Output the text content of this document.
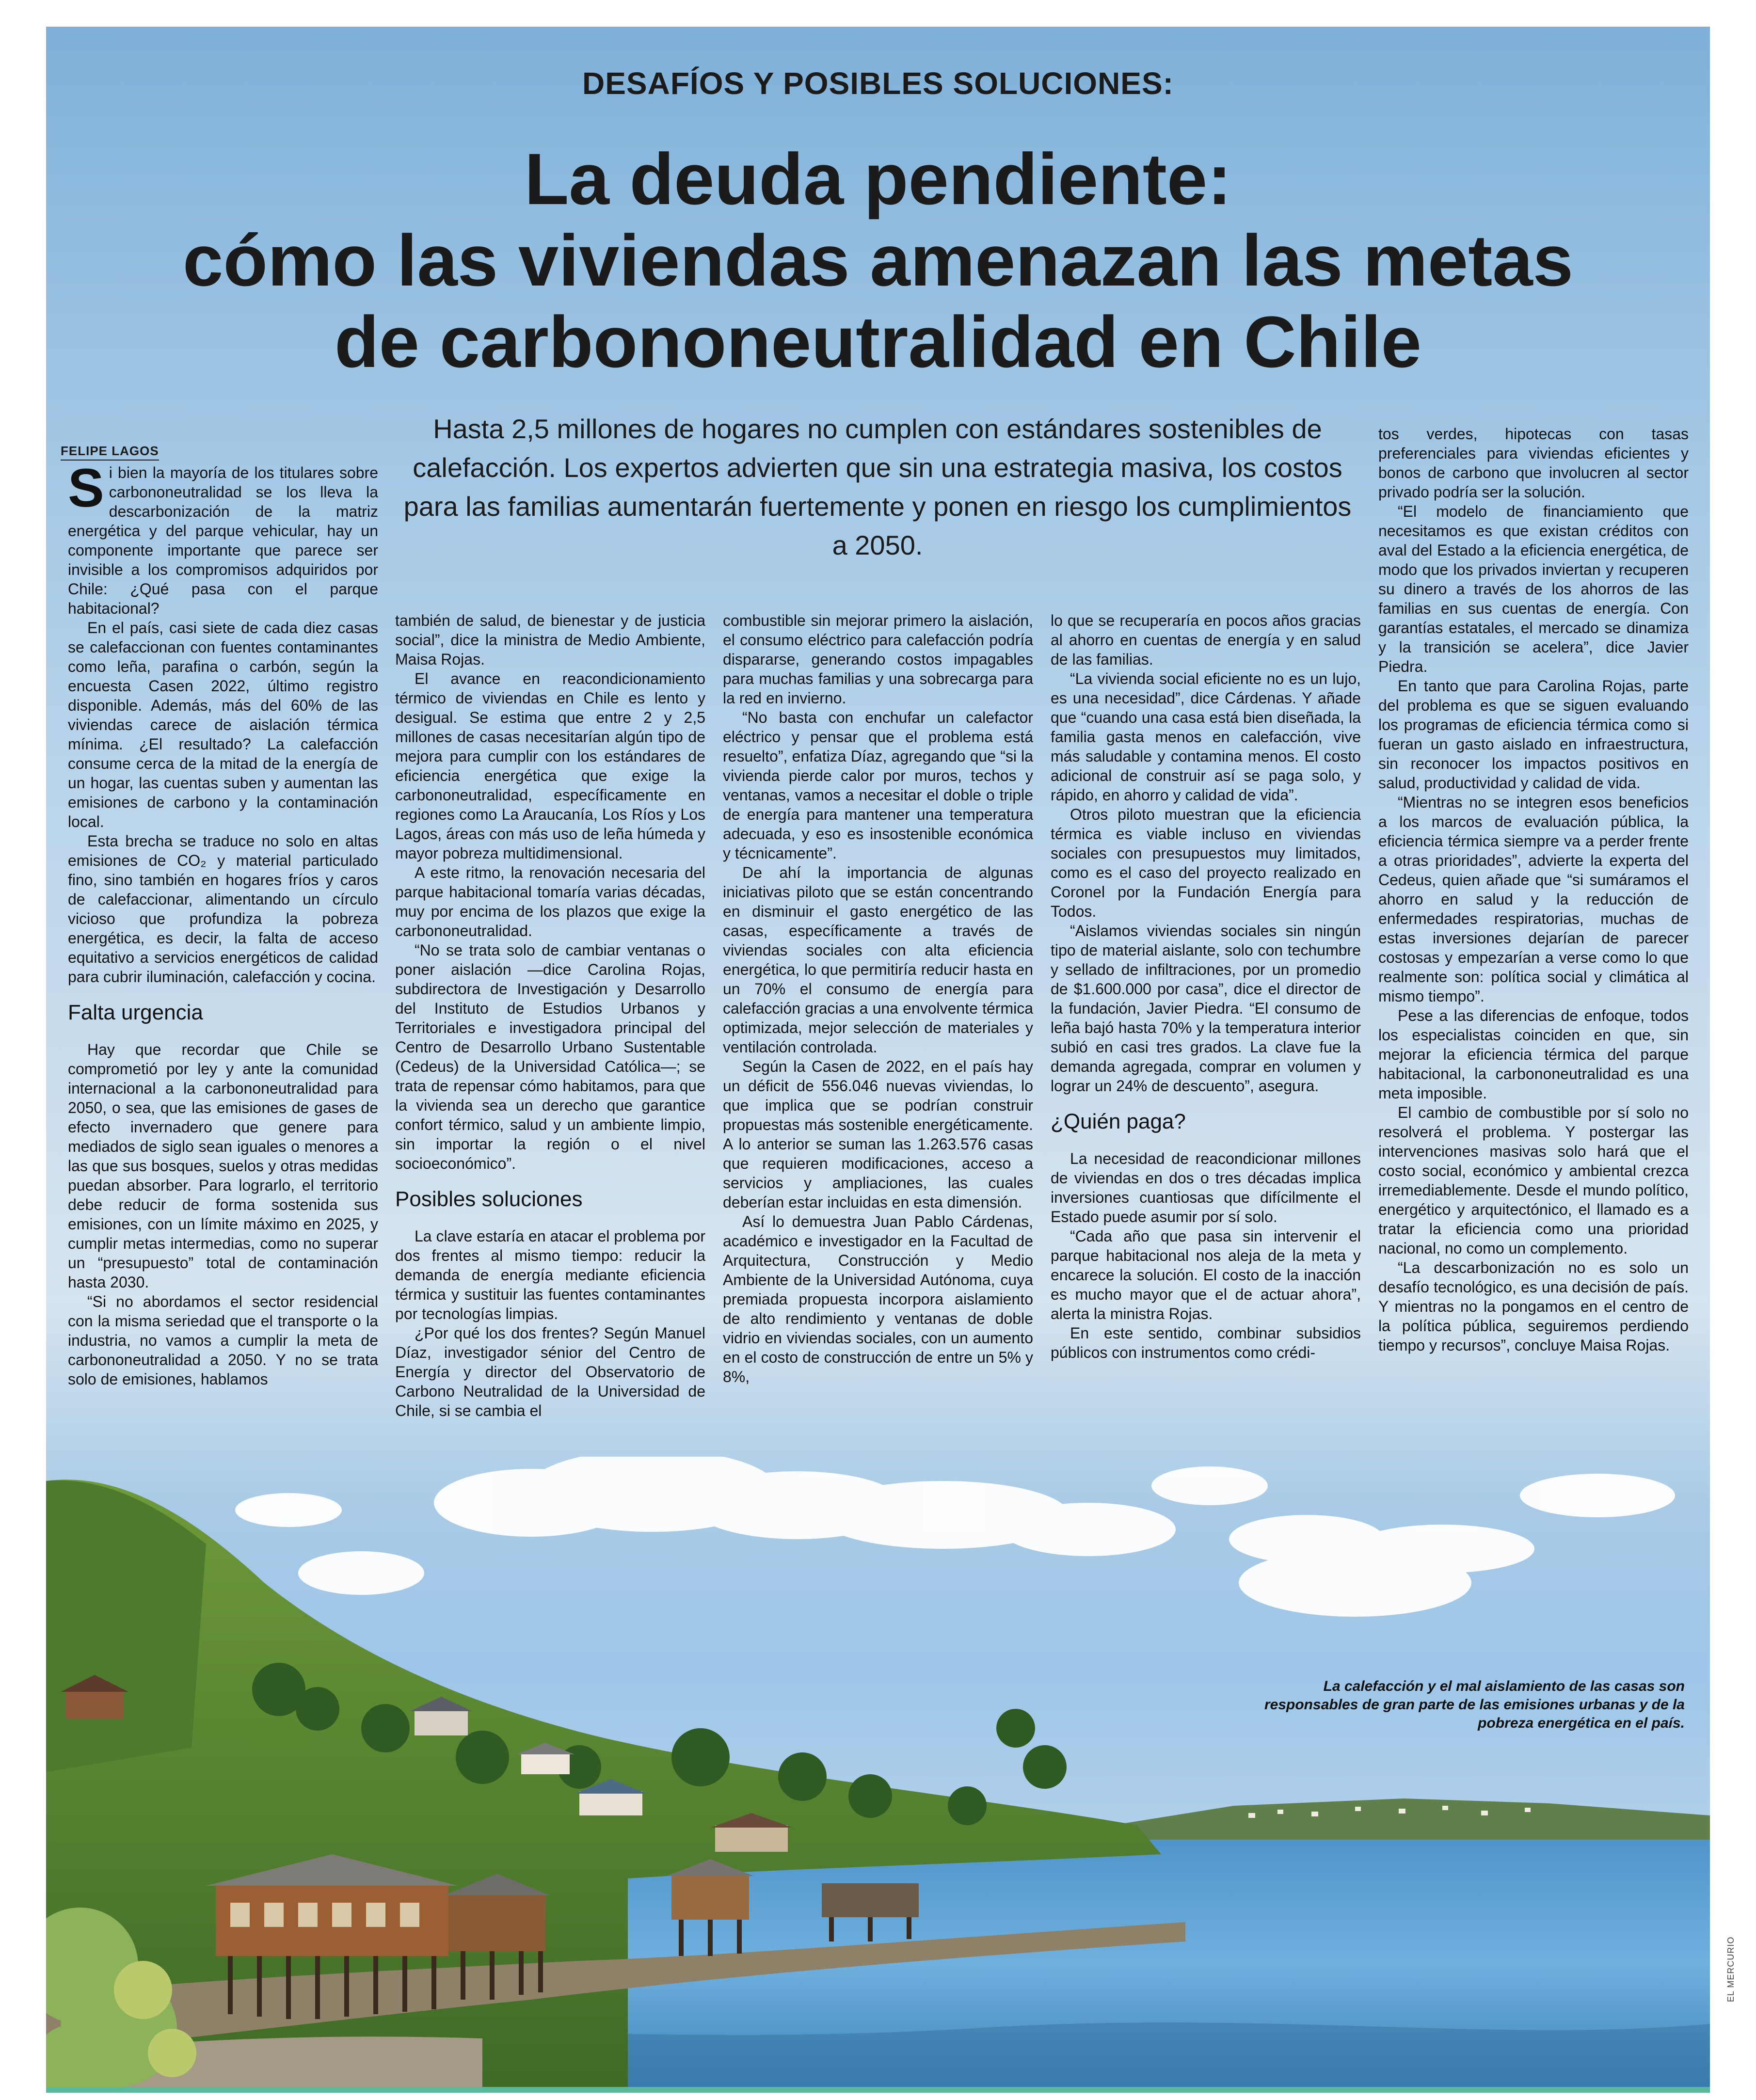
DESAFÍOS Y POSIBLES SOLUCIONES:
La deuda pendiente:
cómo las viviendas amenazan las metas
de carbononeutralidad en Chile
Hasta 2,5 millones de hogares no cumplen con estándares sostenibles de calefacción. Los expertos advierten que sin una estrategia masiva, los costos para las familias aumentarán fuertemente y ponen en riesgo los cumplimientos a 2050.
FELIPE LAGOS
S i bien la mayoría de los titulares sobre carbononeutralidad se los lleva la descarbonización de la matriz energética y del parque vehicular, hay un componente importante que parece ser invisible a los compromisos adquiridos por Chile: ¿Qué pasa con el parque habitacional?

En el país, casi siete de cada diez casas se calefaccionan con fuentes contaminantes como leña, parafina o carbón, según la encuesta Casen 2022, último registro disponible. Además, más del 60% de las viviendas carece de aislación térmica mínima. ¿El resultado? La calefacción consume cerca de la mitad de la energía de un hogar, las cuentas suben y aumentan las emisiones de carbono y la contaminación local.

Esta brecha se traduce no solo en altas emisiones de CO₂ y material particulado fino, sino también en hogares fríos y caros de calefaccionar, alimentando un círculo vicioso que profundiza la pobreza energética, es decir, la falta de acceso equitativo a servicios energéticos de calidad para cubrir iluminación, calefacción y cocina.

Falta urgencia

Hay que recordar que Chile se comprometió por ley y ante la comunidad internacional a la carbononeutralidad para 2050, o sea, que las emisiones de gases de efecto invernadero que genere para mediados de siglo sean iguales o menores a las que sus bosques, suelos y otras medidas puedan absorber. Para lograrlo, el territorio debe reducir de forma sostenida sus emisiones, con un límite máximo en 2025, y cumplir metas intermedias, como no superar un “presupuesto” total de contaminación hasta 2030.

“Si no abordamos el sector residencial con la misma seriedad que el transporte o la industria, no vamos a cumplir la meta de carbononeutralidad a 2050. Y no se trata solo de emisiones, hablamos

también de salud, de bienestar y de justicia social”, dice la ministra de Medio Ambiente, Maisa Rojas.

El avance en reacondicionamiento térmico de viviendas en Chile es lento y desigual. Se estima que entre 2 y 2,5 millones de casas necesitarían algún tipo de mejora para cumplir con los estándares de eficiencia energética que exige la carbononeutralidad, específicamente en regiones como La Araucanía, Los Ríos y Los Lagos, áreas con más uso de leña húmeda y mayor pobreza multidimensional.

A este ritmo, la renovación necesaria del parque habitacional tomaría varias décadas, muy por encima de los plazos que exige la carbononeutralidad.

“No se trata solo de cambiar ventanas o poner aislación —dice Carolina Rojas, subdirectora de Investigación y Desarrollo del Instituto de Estudios Urbanos y Territoriales e investigadora principal del Centro de Desarrollo Urbano Sustentable (Cedeus) de la Universidad Católica—; se trata de repensar cómo habitamos, para que la vivienda sea un derecho que garantice confort térmico, salud y un ambiente limpio, sin importar la región o el nivel socioeconómico”.

Posibles soluciones

La clave estaría en atacar el problema por dos frentes al mismo tiempo: reducir la demanda de energía mediante eficiencia térmica y sustituir las fuentes contaminantes por tecnologías limpias.

¿Por qué los dos frentes? Según Manuel Díaz, investigador sénior del Centro de Energía y director del Observatorio de Carbono Neutralidad de la Universidad de Chile, si se cambia el

combustible sin mejorar primero la aislación, el consumo eléctrico para calefacción podría dispararse, generando costos impagables para muchas familias y una sobrecarga para la red en invierno.

“No basta con enchufar un calefactor eléctrico y pensar que el problema está resuelto”, enfatiza Díaz, agregando que “si la vivienda pierde calor por muros, techos y ventanas, vamos a necesitar el doble o triple de energía para mantener una temperatura adecuada, y eso es insostenible económica y técnicamente”.

De ahí la importancia de algunas iniciativas piloto que se están concentrando en disminuir el gasto energético de las casas, específicamente a través de viviendas sociales con alta eficiencia energética, lo que permitiría reducir hasta en un 70% el consumo de energía para calefacción gracias a una envolvente térmica optimizada, mejor selección de materiales y ventilación controlada.

Según la Casen de 2022, en el país hay un déficit de 556.046 nuevas viviendas, lo que implica que se podrían construir propuestas más sostenible energéticamente. A lo anterior se suman las 1.263.576 casas que requieren modificaciones, acceso a servicios y ampliaciones, las cuales deberían estar incluidas en esta dimensión.

Así lo demuestra Juan Pablo Cárdenas, académico e investigador en la Facultad de Arquitectura, Construcción y Medio Ambiente de la Universidad Autónoma, cuya premiada propuesta incorpora aislamiento de alto rendimiento y ventanas de doble vidrio en viviendas sociales, con un aumento en el costo de construcción de entre un 5% y 8%,

lo que se recuperaría en pocos años gracias al ahorro en cuentas de energía y en salud de las familias.

“La vivienda social eficiente no es un lujo, es una necesidad”, dice Cárdenas. Y añade que “cuando una casa está bien diseñada, la familia gasta menos en calefacción, vive más saludable y contamina menos. El costo adicional de construir así se paga solo, y rápido, en ahorro y calidad de vida”.

Otros piloto muestran que la eficiencia térmica es viable incluso en viviendas sociales con presupuestos muy limitados, como es el caso del proyecto realizado en Coronel por la Fundación Energía para Todos.

“Aislamos viviendas sociales sin ningún tipo de material aislante, solo con techumbre y sellado de infiltraciones, por un promedio de $1.600.000 por casa”, dice el director de la fundación, Javier Piedra. “El consumo de leña bajó hasta 70% y la temperatura interior subió en casi tres grados. La clave fue la demanda agregada, comprar en volumen y lograr un 24% de descuento”, asegura.

¿Quién paga?

La necesidad de reacondicionar millones de viviendas en dos o tres décadas implica inversiones cuantiosas que difícilmente el Estado puede asumir por sí solo.

“Cada año que pasa sin intervenir el parque habitacional nos aleja de la meta y encarece la solución. El costo de la inacción es mucho mayor que el de actuar ahora”, alerta la ministra Rojas.

En este sentido, combinar subsidios públicos con instrumentos como crédi-

tos verdes, hipotecas con tasas preferenciales para viviendas eficientes y bonos de carbono que involucren al sector privado podría ser la solución.

“El modelo de financiamiento que necesitamos es que existan créditos con aval del Estado a la eficiencia energética, de modo que los privados inviertan y recuperen su dinero a través de los ahorros de las familias en sus cuentas de energía. Con garantías estatales, el mercado se dinamiza y la transición se acelera”, dice Javier Piedra.

En tanto que para Carolina Rojas, parte del problema es que se siguen evaluando los programas de eficiencia térmica como si fueran un gasto aislado en infraestructura, sin reconocer los impactos positivos en salud, productividad y calidad de vida.

“Mientras no se integren esos beneficios a los marcos de evaluación pública, la eficiencia térmica siempre va a perder frente a otras prioridades”, advierte la experta del Cedeus, quien añade que “si sumáramos el ahorro en salud y la reducción de enfermedades respiratorias, muchas de estas inversiones dejarían de parecer costosas y empezarían a verse como lo que realmente son: política social y climática al mismo tiempo”.

Pese a las diferencias de enfoque, todos los especialistas coinciden en que, sin mejorar la eficiencia térmica del parque habitacional, la carbononeutralidad es una meta imposible.

El cambio de combustible por sí solo no resolverá el problema. Y postergar las intervenciones masivas solo hará que el costo social, económico y ambiental crezca irremediablemente. Desde el mundo político, energético y arquitectónico, el llamado es a tratar la eficiencia como una prioridad nacional, no como un complemento.

“La descarbonización no es solo un desafío tecnológico, es una decisión de país. Y mientras no la pongamos en el centro de la política pública, seguiremos perdiendo tiempo y recursos”, concluye Maisa Rojas.

La calefacción y el mal aislamiento de las casas son responsables de gran parte de las emisiones urbanas y de la pobreza energética en el país.
EL MERCURIO
